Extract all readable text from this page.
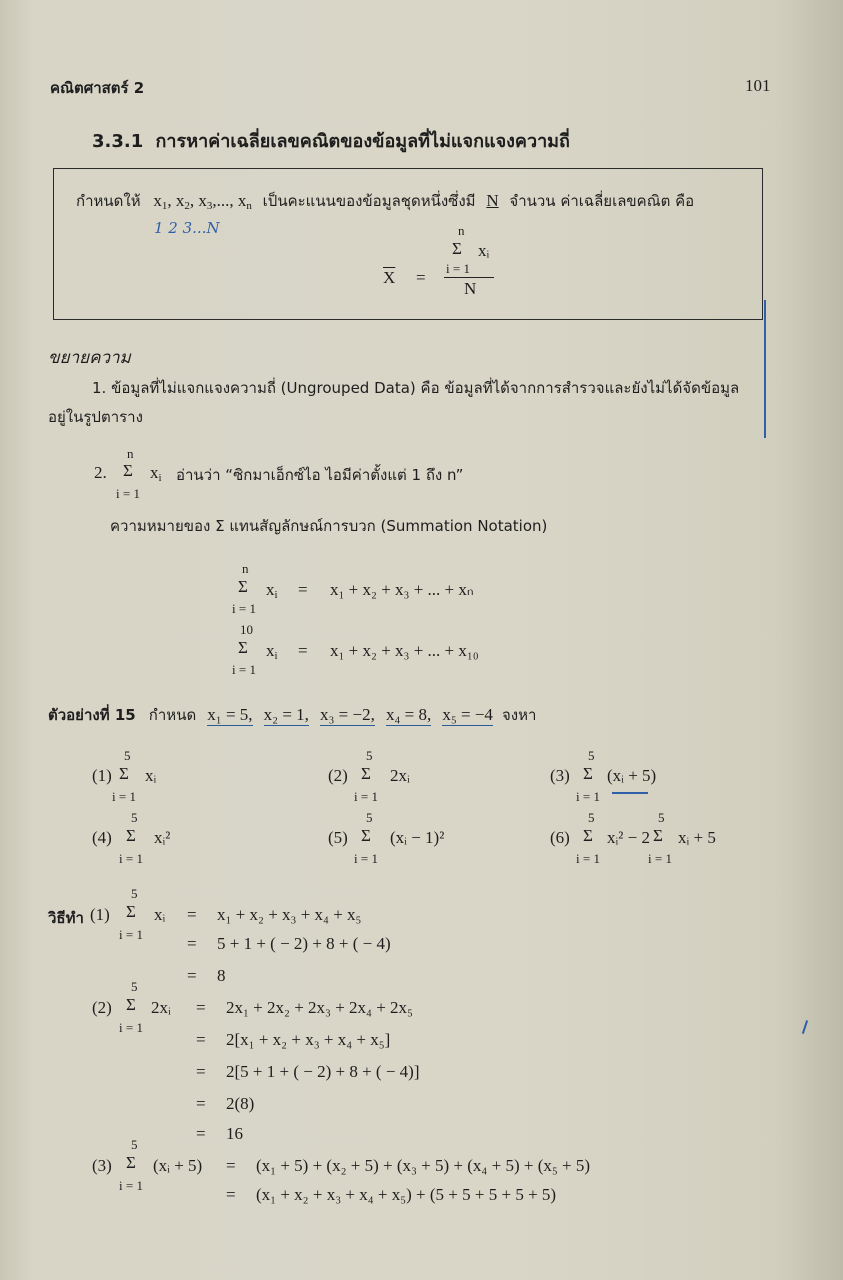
คณิตศาสตร์ 2	101
3.3.1 การหาค่าเฉลี่ยเลขคณิตของข้อมูลที่ไม่แจกแจงความถี่
กำหนดให้ $x_1$, $x_2$, $x_3$,..., $x_n$ เป็นคะแนนของข้อมูลชุดหนึ่งซึ่งมี N จำนวน ค่าเฉลี่ยเลขคณิต คือ
1 2 3...N
$\overline{X}$ =
n
Σ xᵢ
i = 1
N
ขยายความ
1. ข้อมูลที่ไม่แจกแจงความถี่ (Ungrouped Data) คือ ข้อมูลที่ได้จากการสำรวจและยังไม่ได้จัดข้อมูล
อยู่ในรูปตาราง
2.
n
Σ
i = 1
$x_i$ อ่านว่า “ซิกมาเอ็กซ์ไอ ไอมีค่าตั้งแต่ 1 ถึง n”
ความหมายของ Σ แทนสัญลักษณ์การบวก (Summation Notation)
n
Σ $x_i$
i = 1
= x₁ + x₂ + x₃ + ... + xₙ
10
Σ $x_i$
i = 1
= x₁ + x₂ + x₃ + ... + x₁₀
ตัวอย่างที่ 15 กำหนด x₁ = 5, x₂ = 1, x₃ = −2, x₄ = 8, x₅ = −4 จงหา
(1)
5
Σ
i = 1
xᵢ	(2)
5
Σ
i = 1
2xᵢ	(3)
5
Σ
i = 1
(xᵢ + 5)
(4)
5
Σ
i = 1
xᵢ²	(5)
5
Σ
i = 1
(xᵢ − 1)²	(6)
5
Σ
i = 1
xᵢ² − 2
5
Σ
i = 1
xᵢ + 5
วิธีทำ (1)
5
Σ
i = 1
xᵢ = x₁ + x₂ + x₃ + x₄ + x₅
= 5 + 1 + ( − 2) + 8 + ( − 4)
= 8
(2)
5
Σ
i = 1
2xᵢ = 2x₁ + 2x₂ + 2x₃ + 2x₄ + 2x₅
= 2[x₁ + x₂ + x₃ + x₄ + x₅]
= 2[5 + 1 + ( − 2) + 8 + ( − 4)]
= 2(8)
= 16
(3)
5
Σ
i = 1
(xᵢ + 5) = (x₁ + 5) + (x₂ + 5) + (x₃ + 5) + (x₄ + 5) + (x₅ + 5)
= (x₁ + x₂ + x₃ + x₄ + x₅) + (5 + 5 + 5 + 5 + 5)
